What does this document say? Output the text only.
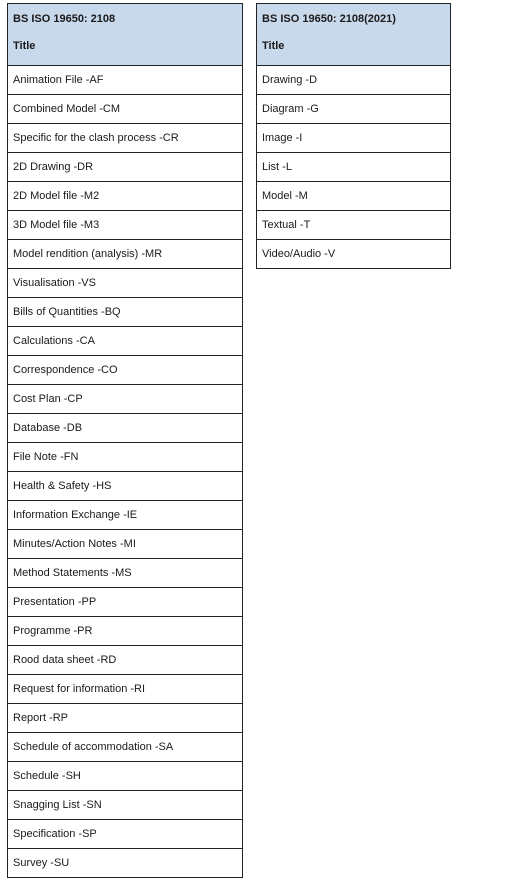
BS ISO 19650: 2108
Title

Animation File -AF
Combined Model -CM
Specific for the clash process -CR
2D Drawing -DR
2D Model file -M2
3D Model file -M3
Model rendition (analysis) -MR
Visualisation -VS
Bills of Quantities -BQ
Calculations -CA
Correspondence -CO
Cost Plan -CP
Database -DB
File Note -FN
Health & Safety -HS
Information Exchange -IE
Minutes/Action Notes -MI
Method Statements -MS
Presentation -PP
Programme -PR
Rood data sheet -RD
Request for information -RI
Report -RP
Schedule of accommodation -SA
Schedule -SH
Snagging List -SN
Specification -SP
Survey -SU
BS ISO 19650: 2108(2021)
Title

Drawing -D
Diagram -G
Image -I
List -L
Model -M
Textual -T
Video/Audio -V
